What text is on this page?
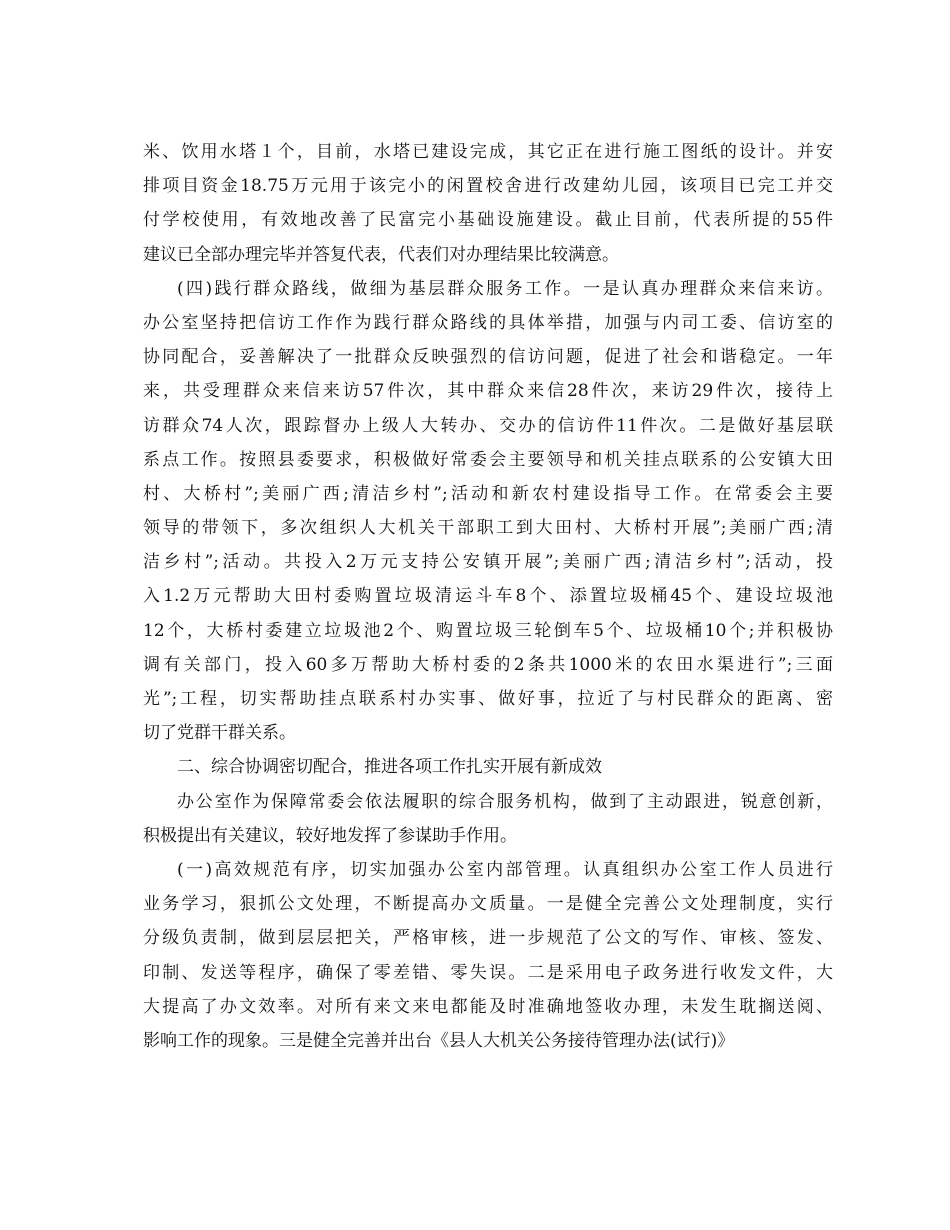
米、饮用水塔１个，目前，水塔已建设完成，其它正在进行施工图纸的设计。并安
排项目资金18.75万元用于该完小的闲置校舍进行改建幼儿园，该项目已完工并交
付学校使用，有效地改善了民富完小基础设施建设。截止目前，代表所提的55件
建议已全部办理完毕并答复代表，代表们对办理结果比较满意。
(四)践行群众路线，做细为基层群众服务工作。一是认真办理群众来信来访。
办公室坚持把信访工作作为践行群众路线的具体举措，加强与内司工委、信访室的
协同配合，妥善解决了一批群众反映强烈的信访问题，促进了社会和谐稳定。一年
来，共受理群众来信来访57件次，其中群众来信28件次，来访29件次，接待上
访群众74人次，跟踪督办上级人大转办、交办的信访件11件次。二是做好基层联
系点工作。按照县委要求，积极做好常委会主要领导和机关挂点联系的公安镇大田
村、大桥村”;美丽广西;清洁乡村”;活动和新农村建设指导工作。在常委会主要
领导的带领下，多次组织人大机关干部职工到大田村、大桥村开展”;美丽广西;清
洁乡村”;活动。共投入2万元支持公安镇开展”;美丽广西;清洁乡村”;活动，投
入1.2万元帮助大田村委购置垃圾清运斗车8个、添置垃圾桶45个、建设垃圾池
12个，大桥村委建立垃圾池2个、购置垃圾三轮倒车5个、垃圾桶10个;并积极协
调有关部门，投入60多万帮助大桥村委的2条共1000米的农田水渠进行”;三面
光”;工程，切实帮助挂点联系村办实事、做好事，拉近了与村民群众的距离、密
切了党群干群关系。
二、综合协调密切配合，推进各项工作扎实开展有新成效
办公室作为保障常委会依法履职的综合服务机构，做到了主动跟进，锐意创新，
积极提出有关建议，较好地发挥了参谋助手作用。
(一)高效规范有序，切实加强办公室内部管理。认真组织办公室工作人员进行
业务学习，狠抓公文处理，不断提高办文质量。一是健全完善公文处理制度，实行
分级负责制，做到层层把关，严格审核，进一步规范了公文的写作、审核、签发、
印制、发送等程序，确保了零差错、零失误。二是采用电子政务进行收发文件，大
大提高了办文效率。对所有来文来电都能及时准确地签收办理，未发生耽搁送阅、
影响工作的现象。三是健全完善并出台《县人大机关公务接待管理办法(试行)》
